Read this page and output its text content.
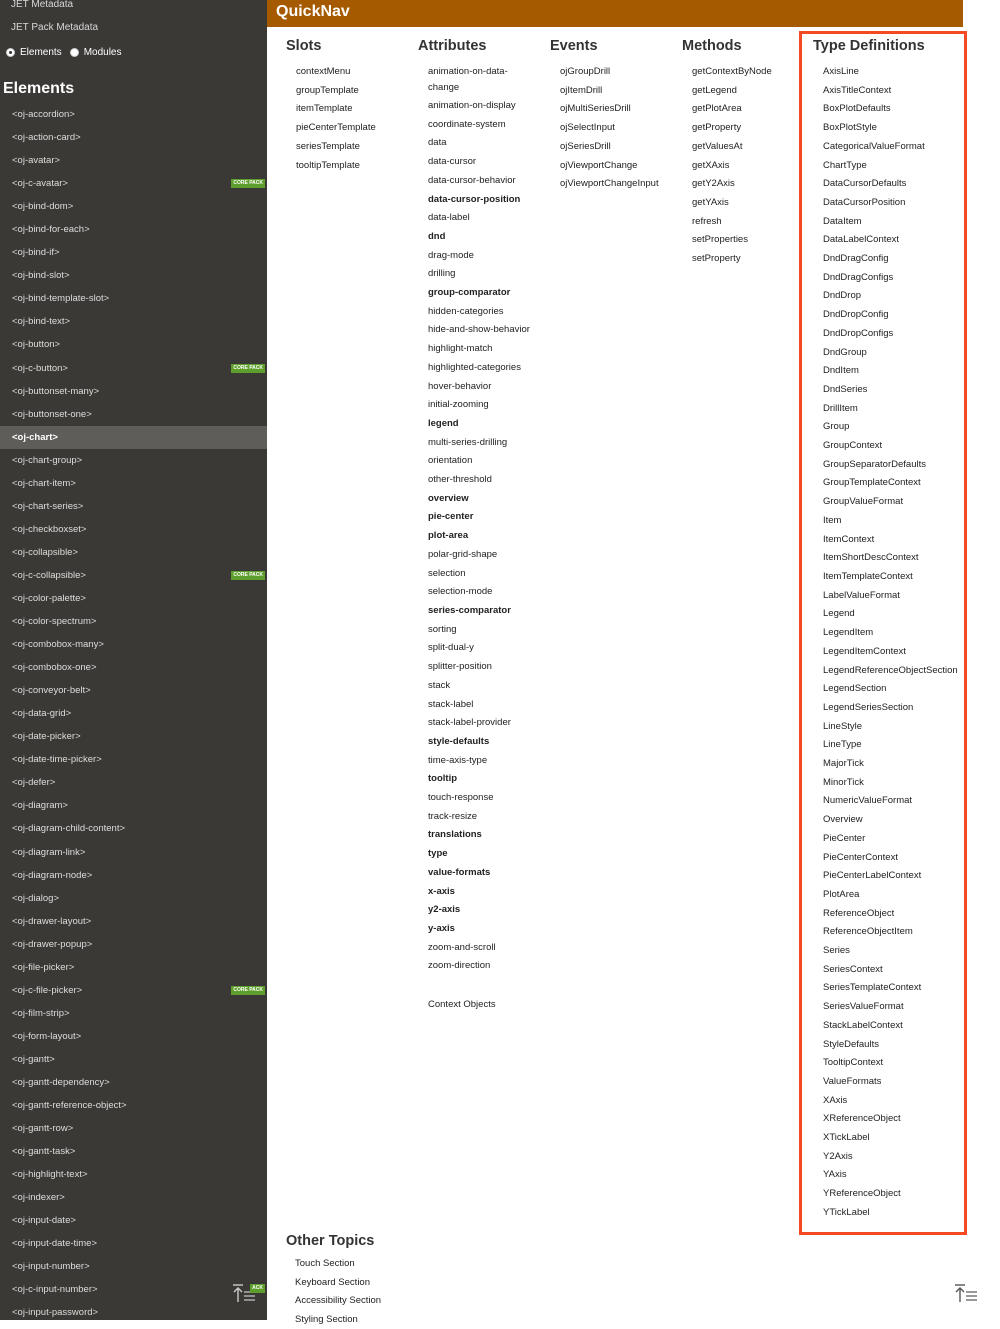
JET Metadata
JET Pack Metadata
Elements Modules
Elements
<oj-accordion>
<oj-action-card>
<oj-avatar>
<oj-c-avatar>	CORE PACK
<oj-bind-dom>
<oj-bind-for-each>
<oj-bind-if>
<oj-bind-slot>
<oj-bind-template-slot>
<oj-bind-text>
<oj-button>
<oj-c-button>	CORE PACK
<oj-buttonset-many>
<oj-buttonset-one>
<oj-chart>
<oj-chart-group>
<oj-chart-item>
<oj-chart-series>
<oj-checkboxset>
<oj-collapsible>
<oj-c-collapsible>	CORE PACK
<oj-color-palette>
<oj-color-spectrum>
<oj-combobox-many>
<oj-combobox-one>
<oj-conveyor-belt>
<oj-data-grid>
<oj-date-picker>
<oj-date-time-picker>
<oj-defer>
<oj-diagram>
<oj-diagram-child-content>
<oj-diagram-link>
<oj-diagram-node>
<oj-dialog>
<oj-drawer-layout>
<oj-drawer-popup>
<oj-file-picker>
<oj-c-file-picker>	CORE PACK
<oj-film-strip>
<oj-form-layout>
<oj-gantt>
<oj-gantt-dependency>
<oj-gantt-reference-object>
<oj-gantt-row>
<oj-gantt-task>
<oj-highlight-text>
<oj-indexer>
<oj-input-date>
<oj-input-date-time>
<oj-input-number>
<oj-c-input-number>
<oj-input-password>
ACK
QuickNav
Slots
contextMenu
groupTemplate
itemTemplate
pieCenterTemplate
seriesTemplate
tooltipTemplate
Attributes
animation-on-data-change
animation-on-display
coordinate-system
data
data-cursor
data-cursor-behavior
data-cursor-position
data-label
dnd
drag-mode
drilling
group-comparator
hidden-categories
hide-and-show-behavior
highlight-match
highlighted-categories
hover-behavior
initial-zooming
legend
multi-series-drilling
orientation
other-threshold
overview
pie-center
plot-area
polar-grid-shape
selection
selection-mode
series-comparator
sorting
split-dual-y
splitter-position
stack
stack-label
stack-label-provider
style-defaults
time-axis-type
tooltip
touch-response
track-resize
translations
type
value-formats
x-axis
y2-axis
y-axis
zoom-and-scroll
zoom-direction
Context Objects
Events
ojGroupDrill
ojItemDrill
ojMultiSeriesDrill
ojSelectInput
ojSeriesDrill
ojViewportChange
ojViewportChangeInput
Methods
getContextByNode
getLegend
getPlotArea
getProperty
getValuesAt
getXAxis
getY2Axis
getYAxis
refresh
setProperties
setProperty
Type Definitions
AxisLine
AxisTitleContext
BoxPlotDefaults
BoxPlotStyle
CategoricalValueFormat
ChartType
DataCursorDefaults
DataCursorPosition
DataItem
DataLabelContext
DndDragConfig
DndDragConfigs
DndDrop
DndDropConfig
DndDropConfigs
DndGroup
DndItem
DndSeries
DrillItem
Group
GroupContext
GroupSeparatorDefaults
GroupTemplateContext
GroupValueFormat
Item
ItemContext
ItemShortDescContext
ItemTemplateContext
LabelValueFormat
Legend
LegendItem
LegendItemContext
LegendReferenceObjectSection
LegendSection
LegendSeriesSection
LineStyle
LineType
MajorTick
MinorTick
NumericValueFormat
Overview
PieCenter
PieCenterContext
PieCenterLabelContext
PlotArea
ReferenceObject
ReferenceObjectItem
Series
SeriesContext
SeriesTemplateContext
SeriesValueFormat
StackLabelContext
StyleDefaults
TooltipContext
ValueFormats
XAxis
XReferenceObject
XTickLabel
Y2Axis
YAxis
YReferenceObject
YTickLabel
Other Topics
Touch Section
Keyboard Section
Accessibility Section
Styling Section
